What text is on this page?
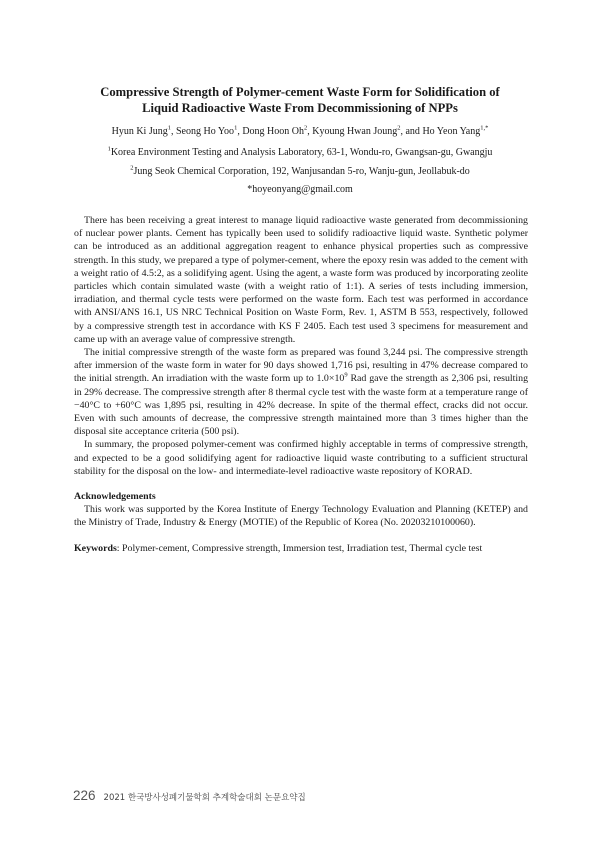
Compressive Strength of Polymer-cement Waste Form for Solidification of
Liquid Radioactive Waste From Decommissioning of NPPs
Hyun Ki Jung$^1$, Seong Ho Yoo$^1$, Dong Hoon Oh$^2$, Kyoung Hwan Joung$^2$, and Ho Yeon Yang$^{1,*}$
$^1$Korea Environment Testing and Analysis Laboratory, 63-1, Wondu-ro, Gwangsan-gu, Gwangju
$^2$Jung Seok Chemical Corporation, 192, Wanjusandan 5-ro, Wanju-gun, Jeollabuk-do
*hoyeonyang@gmail.com

There has been receiving a great interest to manage liquid radioactive waste generated from decommissioning of nuclear power plants. Cement has typically been used to solidify radioactive liquid waste. Synthetic polymer can be introduced as an additional aggregation reagent to enhance physical properties such as compressive strength. In this study, we prepared a type of polymer-cement, where the epoxy resin was added to the cement with a weight ratio of 4.5:2, as a solidifying agent. Using the agent, a waste form was produced by incorporating zeolite particles which contain simulated waste (with a weight ratio of 1:1). A series of tests including immersion, irradiation, and thermal cycle tests were performed on the waste form. Each test was performed in accordance with ANSI/ANS 16.1, US NRC Technical Position on Waste Form, Rev. 1, ASTM B 553, respectively, followed by a compressive strength test in accordance with KS F 2405. Each test used 3 specimens for measurement and came up with an average value of compressive strength.

The initial compressive strength of the waste form as prepared was found 3,244 psi. The compressive strength after immersion of the waste form in water for 90 days showed 1,716 psi, resulting in 47% decrease compared to the initial strength. An irradiation with the waste form up to $1.0\times 10^9$ Rad gave the strength as 2,306 psi, resulting in 29% decrease. The compressive strength after 8 thermal cycle test with the waste form at a temperature range of −40°C to +60°C was 1,895 psi, resulting in 42% decrease. In spite of the thermal effect, cracks did not occur. Even with such amounts of decrease, the compressive strength maintained more than 3 times higher than the disposal site acceptance criteria (500 psi).

In summary, the proposed polymer-cement was confirmed highly acceptable in terms of compressive strength, and expected to be a good solidifying agent for radioactive liquid waste contributing to a sufficient structural stability for the disposal on the low- and intermediate-level radioactive waste repository of KORAD.

Acknowledgements
This work was supported by the Korea Institute of Energy Technology Evaluation and Planning (KETEP) and the Ministry of Trade, Industry & Energy (MOTIE) of the Republic of Korea (No. 20203210100060).
Keywords: Polymer-cement, Compressive strength, Immersion test, Irradiation test, Thermal cycle test
226 2021 한국방사성폐기물학회 추계학술대회 논문요약집
